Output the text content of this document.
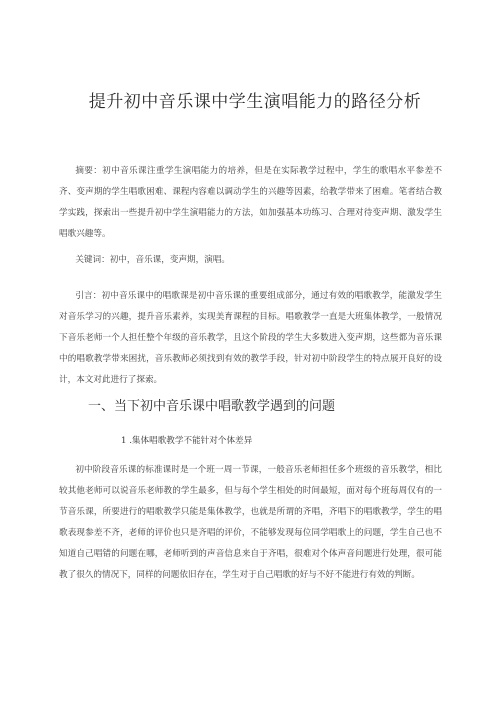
提升初中音乐课中学生演唱能力的路径分析

摘要：初中音乐课注重学生演唱能力的培养，但是在实际教学过程中，学生的歌唱水平参差不齐、变声期的学生唱歌困难、课程内容难以调动学生的兴趣等因素，给教学带来了困难。笔者结合教学实践，探索出一些提升初中学生演唱能力的方法，如加强基本功练习、合理对待变声期、激发学生唱歌兴趣等。

关键词：初中，音乐课，变声期，演唱。

引言：初中音乐课中的唱歌课是初中音乐课的重要组成部分，通过有效的唱歌教学，能激发学生对音乐学习的兴趣，提升音乐素养，实现美育课程的目标。唱歌教学一直是大班集体教学，一般情况下音乐老师一个人担任整个年级的音乐教学，且这个阶段的学生大多数进入变声期，这些都为音乐课中的唱歌教学带来困扰，音乐教师必须找到有效的教学手段，针对初中阶段学生的特点展开良好的设计，本文对此进行了探索。

一、当下初中音乐课中唱歌教学遇到的问题
1 .集体唱歌教学不能针对个体差异

初中阶段音乐课的标准课时是一个班一周一节课，一般音乐老师担任多个班级的音乐教学，相比较其他老师可以说音乐老师教的学生最多，但与每个学生相处的时间最短，面对每个班每周仅有的一节音乐课，所要进行的唱歌教学只能是集体教学，也就是所谓的齐唱，齐唱下的唱歌教学，学生的唱歌表现参差不齐，老师的评价也只是齐唱的评价，不能够发现每位同学唱歌上的问题，学生自己也不知道自己唱错的问题在哪，老师听到的声音信息来自于齐唱，很难对个体声音问题进行处理，很可能教了很久的情况下，同样的问题依旧存在，学生对于自己唱歌的好与不好不能进行有效的判断。
